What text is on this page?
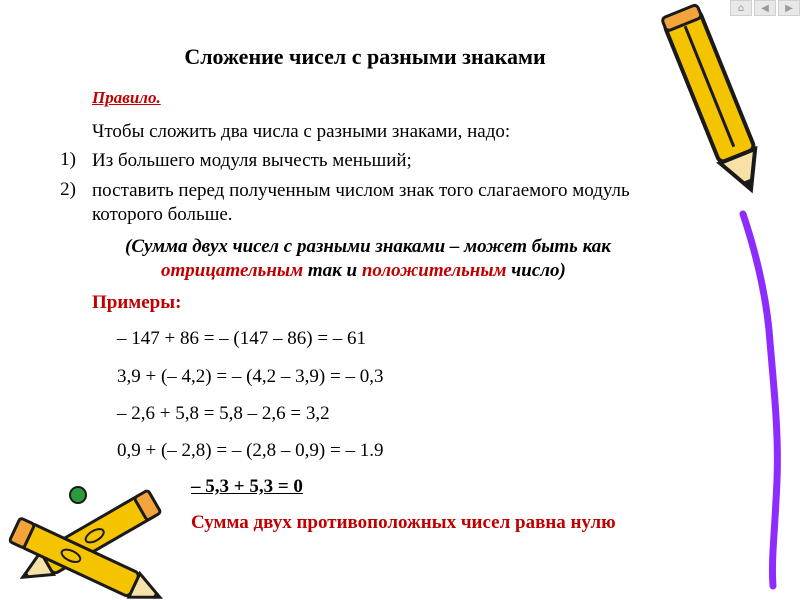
⌂ ◀ ▶
Сложение чисел с разными знаками
Правило.
Чтобы сложить два числа с разными знаками, надо:
1) Из большего модуля вычесть меньший;
2) поставить перед полученным числом знак того слагаемого модуль
которого больше.
(Сумма двух чисел с разными знаками – может быть как
отрицательным так и положительным число)
Примеры:
– 147 + 86 = – (147 – 86) = – 61
3,9 + (– 4,2) = – (4,2 – 3,9) = – 0,3
– 2,6 + 5,8 = 5,8 – 2,6 = 3,2
0,9 + (– 2,8) = – (2,8 – 0,9) = – 1.9
– 5,3 + 5,3 = 0
Сумма двух противоположных чисел равна нулю
